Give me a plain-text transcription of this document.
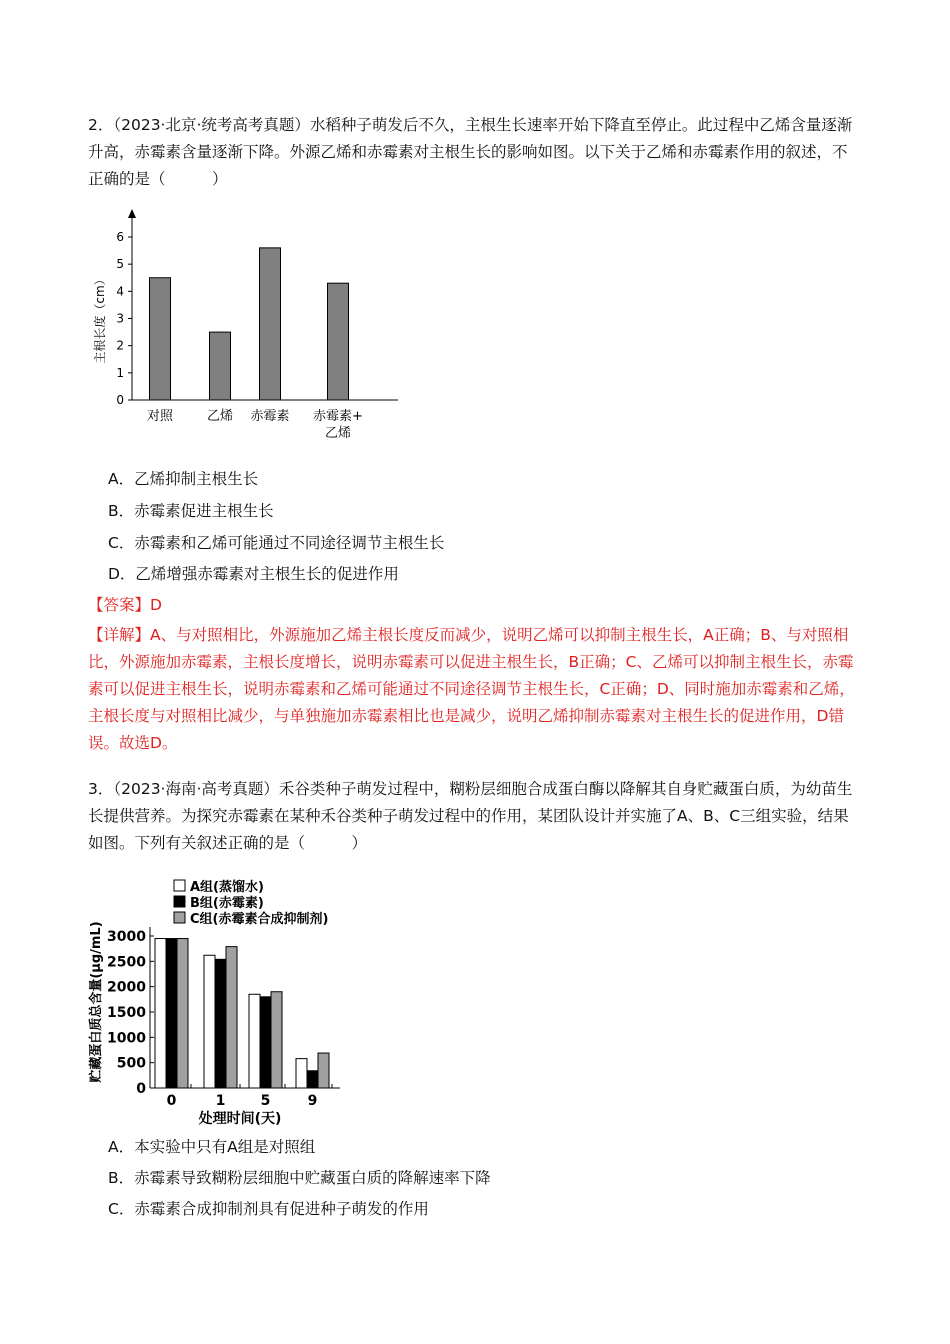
2．（2023·北京·统考高考真题）水稻种子萌发后不久，主根生长速率开始下降直至停止。此过程中乙烯含量逐渐升高，赤霉素含量逐渐下降。外源乙烯和赤霉素对主根生长的影响如图。以下关于乙烯和赤霉素作用的叙述，不正确的是（　　　）

0
1
2
3
4
5
6
主根长度（cm）
对照	乙烯 赤霉素 赤霉素+
乙烯
A．乙烯抑制主根生长
B．赤霉素促进主根生长
C．赤霉素和乙烯可能通过不同途径调节主根生长
D．乙烯增强赤霉素对主根生长的促进作用
【答案】D

【详解】A、与对照相比，外源施加乙烯主根长度反而减少，说明乙烯可以抑制主根生长，A正确；B、与对照相比，外源施加赤霉素，主根长度增长，说明赤霉素可以促进主根生长，B正确；C、乙烯可以抑制主根生长，赤霉素可以促进主根生长，说明赤霉素和乙烯可能通过不同途径调节主根生长，C正确；D、同时施加赤霉素和乙烯，主根长度与对照相比减少，与单独施加赤霉素相比也是减少，说明乙烯抑制赤霉素对主根生长的促进作用，D错误。故选D。

3．（2023·海南·高考真题）禾谷类种子萌发过程中，糊粉层细胞合成蛋白酶以降解其自身贮藏蛋白质，为幼苗生长提供营养。为探究赤霉素在某种禾谷类种子萌发过程中的作用，某团队设计并实施了A、B、C三组实验，结果如图。下列有关叙述正确的是（　　　）

0
500
1000
1500
2000
2500
3000
贮藏蛋白质总含量(μg/mL)
A组(蒸馏水)
B组(赤霉素)
C组(赤霉素合成抑制剂)
0	1	5	9
处理时间(天)
A．本实验中只有A组是对照组
B．赤霉素导致糊粉层细胞中贮藏蛋白质的降解速率下降
C．赤霉素合成抑制剂具有促进种子萌发的作用
